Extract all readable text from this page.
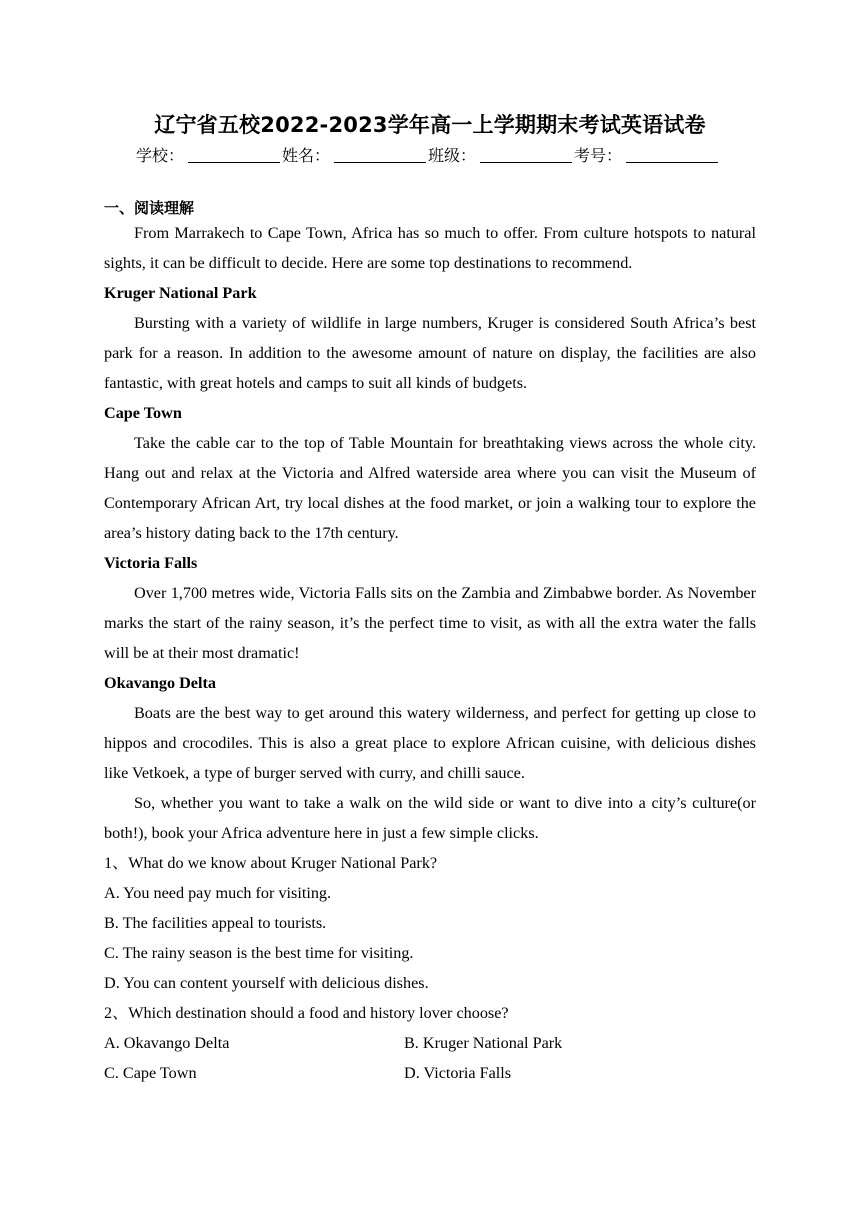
辽宁省五校2022-2023学年高一上学期期末考试英语试卷
学校：	姓名：	班级：	考号：
一、阅读理解

From Marrakech to Cape Town, Africa has so much to offer. From culture hotspots to natural sights, it can be difficult to decide. Here are some top destinations to recommend.

Kruger National Park

Bursting with a variety of wildlife in large numbers, Kruger is considered South Africa’s best park for a reason. In addition to the awesome amount of nature on display, the facilities are also fantastic, with great hotels and camps to suit all kinds of budgets.

Cape Town

Take the cable car to the top of Table Mountain for breathtaking views across the whole city. Hang out and relax at the Victoria and Alfred waterside area where you can visit the Museum of Contemporary African Art, try local dishes at the food market, or join a walking tour to explore the area’s history dating back to the 17th century.

Victoria Falls

Over 1,700 metres wide, Victoria Falls sits on the Zambia and Zimbabwe border. As November marks the start of the rainy season, it’s the perfect time to visit, as with all the extra water the falls will be at their most dramatic!

Okavango Delta

Boats are the best way to get around this watery wilderness, and perfect for getting up close to hippos and crocodiles. This is also a great place to explore African cuisine, with delicious dishes like Vetkoek, a type of burger served with curry, and chilli sauce.

So, whether you want to take a walk on the wild side or want to dive into a city’s culture(or both!), book your Africa adventure here in just a few simple clicks.

1、What do we know about Kruger National Park?

A. You need pay much for visiting.

B. The facilities appeal to tourists.

C. The rainy season is the best time for visiting.

D. You can content yourself with delicious dishes.

2、Which destination should a food and history lover choose?

A. Okavango Delta	B. Kruger National Park
C. Cape Town	D. Victoria Falls
